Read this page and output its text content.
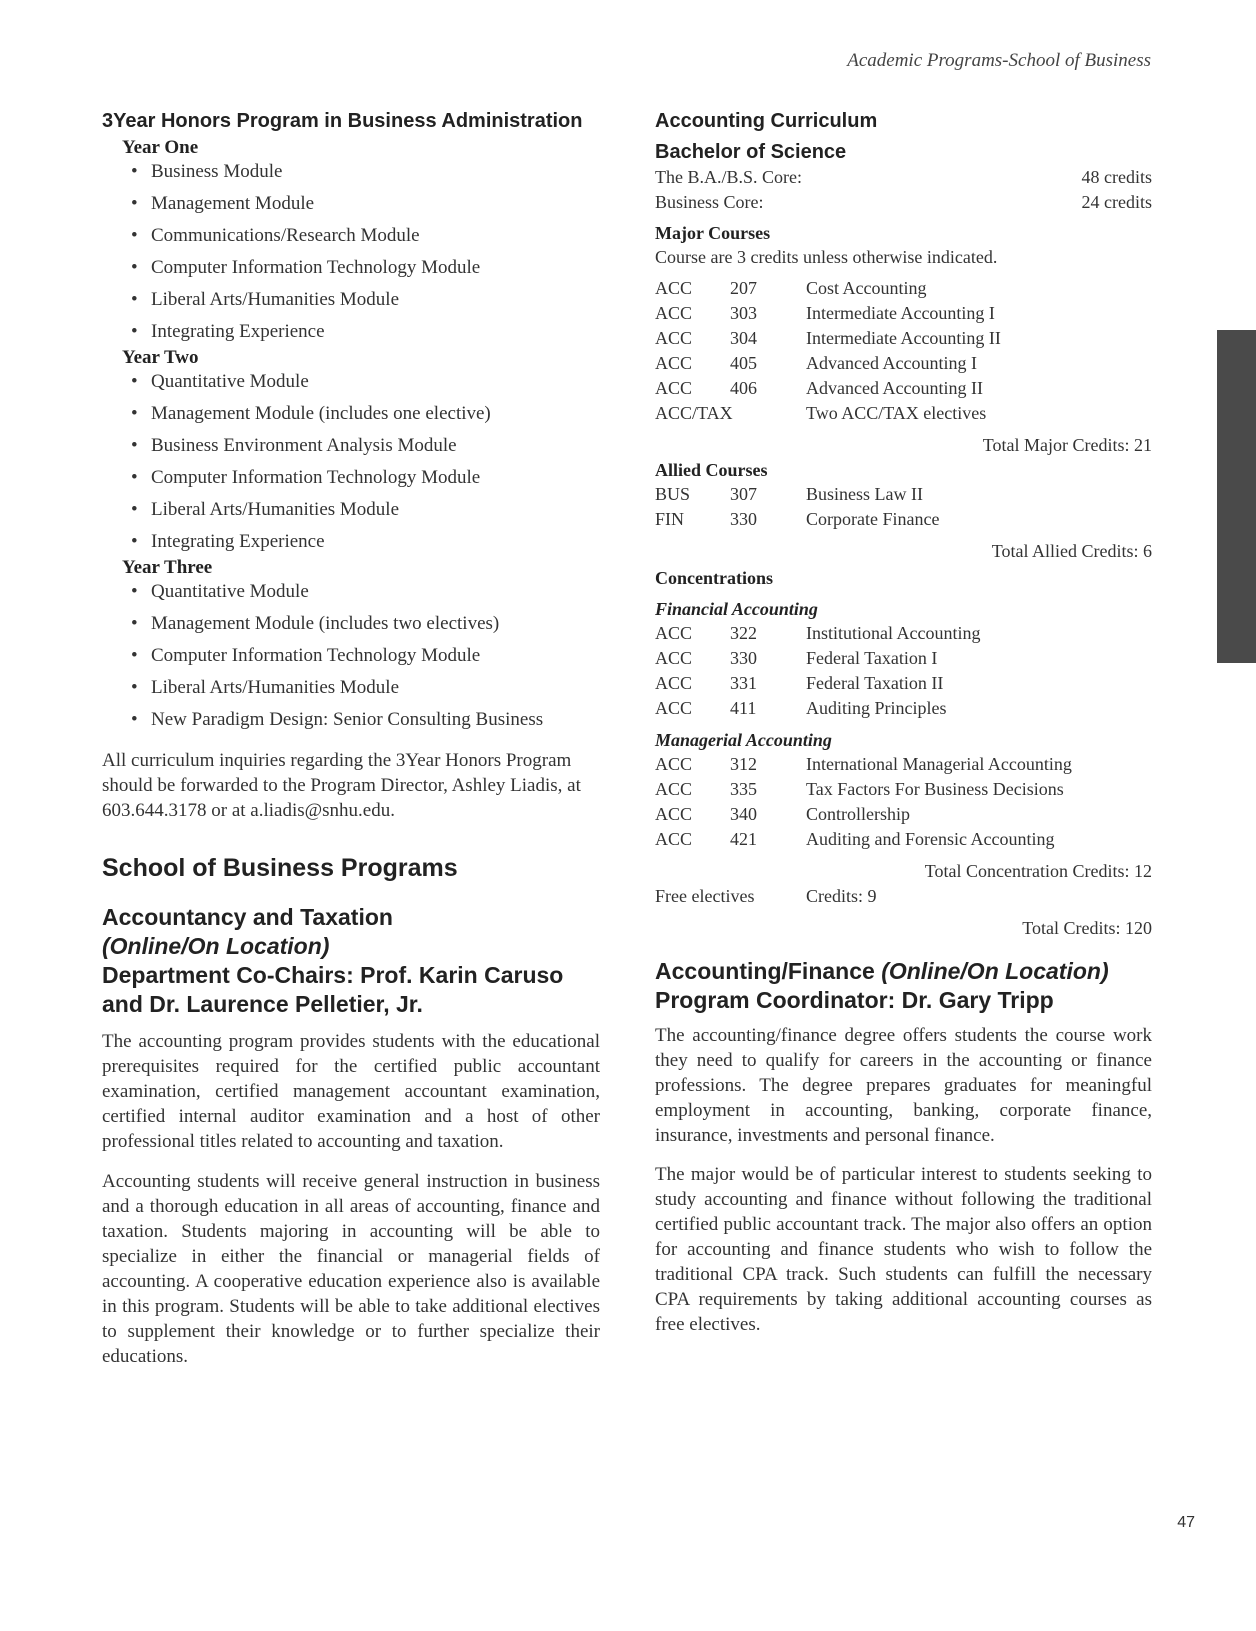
Academic Programs-School of Business
47
3Year Honors Program in Business Administration
Year One
• Business Module
• Management Module
• Communications/Research Module
• Computer Information Technology Module
• Liberal Arts/Humanities Module
• Integrating Experience
Year Two
• Quantitative Module
• Management Module (includes one elective)
• Business Environment Analysis Module
• Computer Information Technology Module
• Liberal Arts/Humanities Module
• Integrating Experience
Year Three
• Quantitative Module
• Management Module (includes two electives)
• Computer Information Technology Module
• Liberal Arts/Humanities Module
• New Paradigm Design: Senior Consulting Business

All curriculum inquiries regarding the 3Year Honors Program should be forwarded to the Program Director, Ashley Liadis, at 603.644.3178 or at a.liadis@snhu.edu.

School of Business Programs
Accountancy and Taxation
(Online/On Location)
Department Co-Chairs: Prof. Karin Caruso
and Dr. Laurence Pelletier, Jr.

The accounting program provides students with the educational prerequisites required for the certified public accountant examination, certified management accountant examination, certified internal auditor examination and a host of other professional titles related to accounting and taxation.

Accounting students will receive general instruction in business and a thorough education in all areas of accounting, finance and taxation. Students majoring in accounting will be able to specialize in either the financial or managerial fields of accounting. A cooperative education experience also is available in this program. Students will be able to take additional electives to supplement their knowledge or to further specialize their educations.

Accounting Curriculum
Bachelor of Science
The B.A./B.S. Core:	48 credits
Business Core:	24 credits
Major Courses
Course are 3 credits unless otherwise indicated.
ACC 207	Cost Accounting
ACC 303	Intermediate Accounting I
ACC 304	Intermediate Accounting II
ACC 405	Advanced Accounting I
ACC 406	Advanced Accounting II
ACC/TAX	Two ACC/TAX electives
Total Major Credits: 21
Allied Courses
BUS 307	Business Law II
FIN	330	Corporate Finance
Total Allied Credits: 6
Concentrations
Financial Accounting
ACC 322	Institutional Accounting
ACC 330	Federal Taxation I
ACC 331	Federal Taxation II
ACC 411	Auditing Principles
Managerial Accounting
ACC 312	International Managerial Accounting
ACC 335	Tax Factors For Business Decisions
ACC 340	Controllership
ACC 421	Auditing and Forensic Accounting
Total Concentration Credits: 12
Free electives	Credits: 9
Total Credits: 120
Accounting/Finance (Online/On Location)
Program Coordinator: Dr. Gary Tripp

The accounting/finance degree offers students the course work they need to qualify for careers in the accounting or finance professions. The degree prepares graduates for meaningful employment in accounting, banking, corporate finance, insurance, investments and personal finance.

The major would be of particular interest to students seeking to study accounting and finance without following the traditional certified public accountant track. The major also offers an option for accounting and finance students who wish to follow the traditional CPA track. Such students can fulfill the necessary CPA requirements by taking additional accounting courses as free electives.
